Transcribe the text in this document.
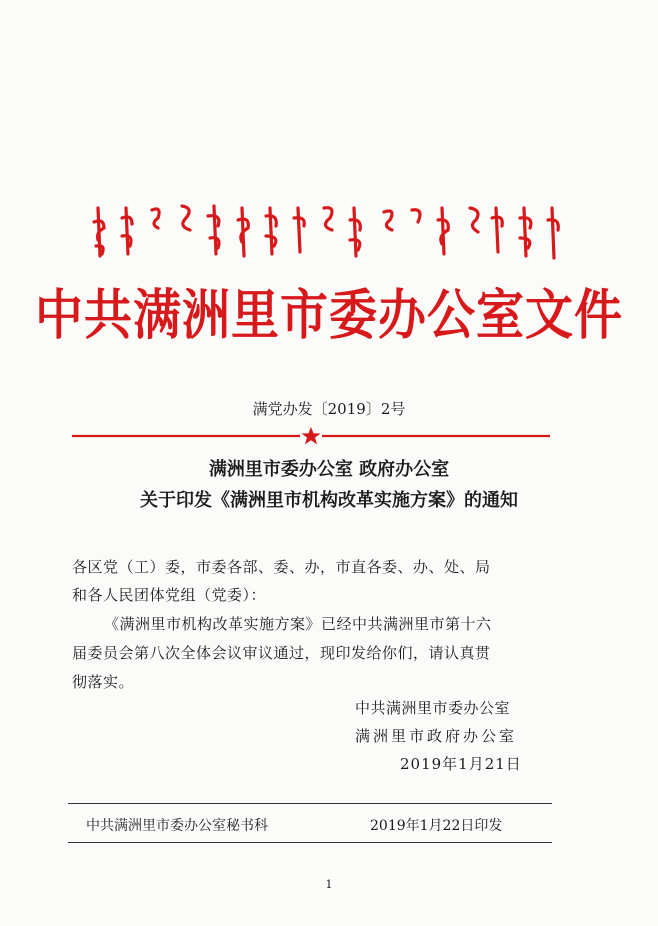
中共满洲里市委办公室文件
满党办发〔2019〕2号
满洲里市委办公室 政府办公室
关于印发《满洲里市机构改革实施方案》的通知
各区党（工）委，市委各部、委、办，市直各委、办、处、局
和各人民团体党组（党委）：
《满洲里市机构改革实施方案》已经中共满洲里市第十六
届委员会第八次全体会议审议通过，现印发给你们，请认真贯
彻落实。
中共满洲里市委办公室
满洲里市政府办公室
2019年1月21日
中共满洲里市委办公室秘书科	2019年1月22日印发
1
